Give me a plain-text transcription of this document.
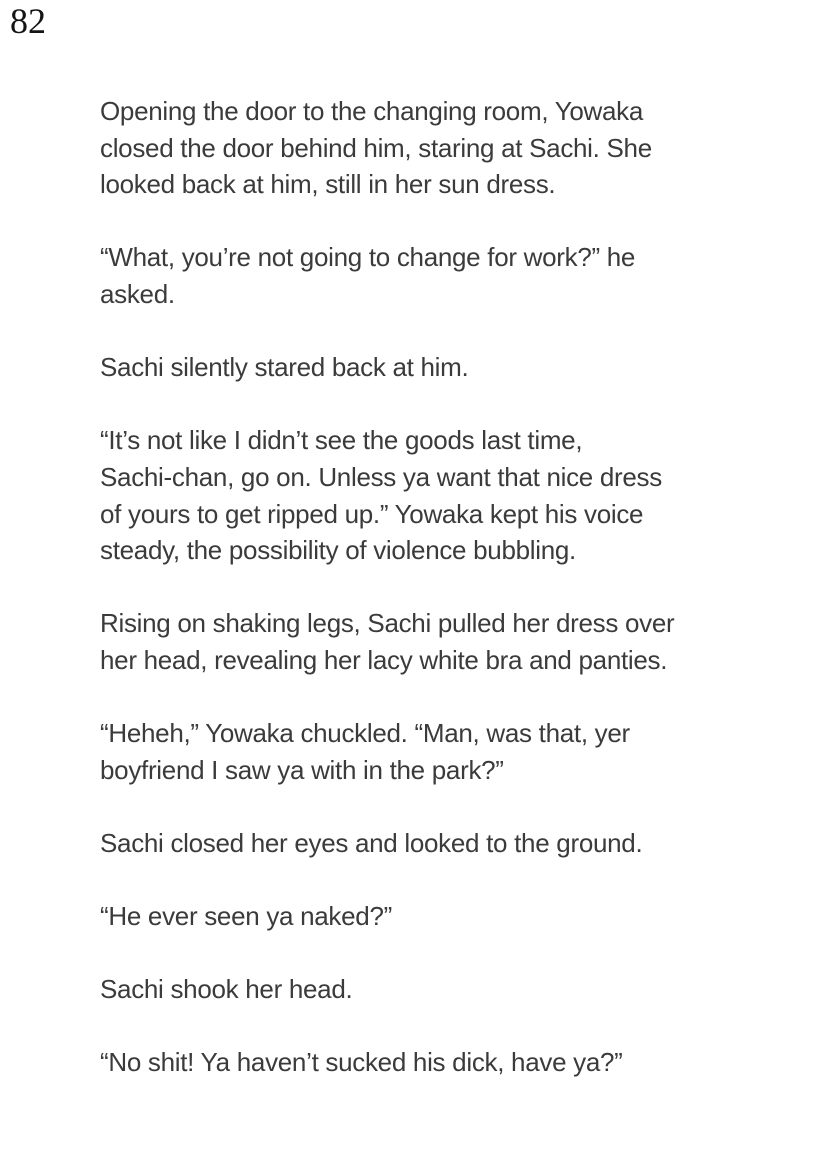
82
Opening the door to the changing room, Yowaka
closed the door behind him, staring at Sachi. She
looked back at him, still in her sun dress.
“What, you’re not going to change for work?” he
asked.
Sachi silently stared back at him.
“It’s not like I didn’t see the goods last time,
Sachi-chan, go on. Unless ya want that nice dress
of yours to get ripped up.” Yowaka kept his voice
steady, the possibility of violence bubbling.
Rising on shaking legs, Sachi pulled her dress over
her head, revealing her lacy white bra and panties.
“Heheh,” Yowaka chuckled. “Man, was that, yer
boyfriend I saw ya with in the park?”
Sachi closed her eyes and looked to the ground.
“He ever seen ya naked?”
Sachi shook her head.
“No shit! Ya haven’t sucked his dick, have ya?”
